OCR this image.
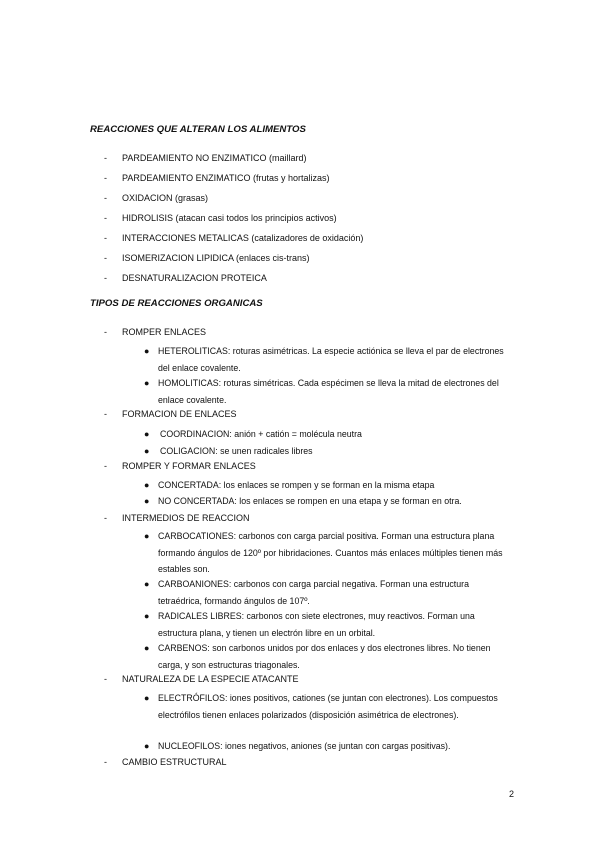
REACCIONES QUE ALTERAN LOS ALIMENTOS
- PARDEAMIENTO NO ENZIMATICO (maillard)
- PARDEAMIENTO ENZIMATICO (frutas y hortalizas)
- OXIDACION (grasas)
- HIDROLISIS (atacan casi todos los principios activos)
- INTERACCIONES METALICAS (catalizadores de oxidación)
- ISOMERIZACION LIPIDICA (enlaces cis-trans)
- DESNATURALIZACION PROTEICA
TIPOS DE REACCIONES ORGANICAS
- ROMPER ENLACES
● HETEROLITICAS: roturas asimétricas. La especie actiónica se lleva el par de electrones del enlace covalente.
● HOMOLITICAS: roturas simétricas. Cada espécimen se lleva la mitad de electrones del enlace covalente.
- FORMACION DE ENLACES
● COORDINACION: anión + catión = molécula neutra
● COLIGACION: se unen radicales libres
- ROMPER Y FORMAR ENLACES
● CONCERTADA: los enlaces se rompen y se forman en la misma etapa
● NO CONCERTADA: los enlaces se rompen en una etapa y se forman en otra.
- INTERMEDIOS DE REACCION
● CARBOCATIONES: carbonos con carga parcial positiva. Forman una estructura plana formando ángulos de 120º por hibridaciones. Cuantos más enlaces múltiples tienen más estables son.
● CARBOANIONES: carbonos con carga parcial negativa. Forman una estructura tetraédrica, formando ángulos de 107º.
● RADICALES LIBRES: carbonos con siete electrones, muy reactivos. Forman una estructura plana, y tienen un electrón libre en un orbital.
● CARBENOS: son carbonos unidos por dos enlaces y dos electrones libres. No tienen carga, y son estructuras triagonales.
- NATURALEZA DE LA ESPECIE ATACANTE
● ELECTRÓFILOS: iones positivos, cationes (se juntan con electrones). Los compuestos electrófilos tienen enlaces polarizados (disposición asimétrica de electrones).
● NUCLEOFILOS: iones negativos, aniones (se juntan con cargas positivas).
- CAMBIO ESTRUCTURAL
2
